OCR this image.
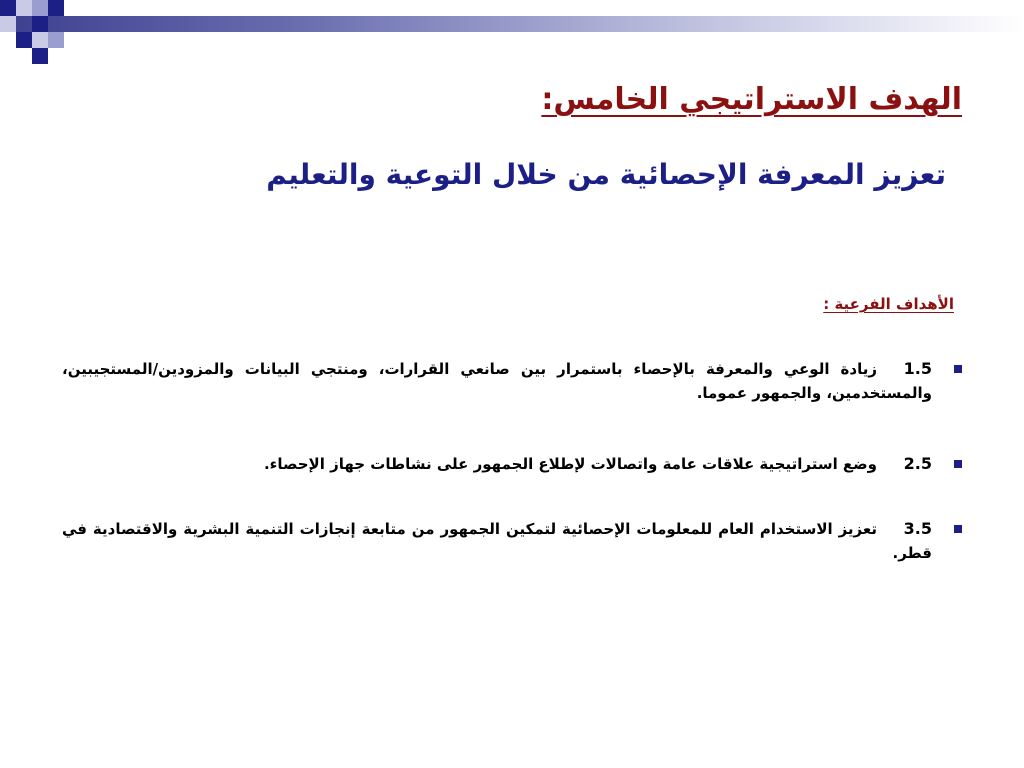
الهدف الاستراتيجي الخامس:
تعزيز المعرفة الإحصائية من خلال التوعية والتعليم
الأهداف الفرعية :
1.5زيادة الوعي والمعرفة بالإحصاء باستمرار بين صانعي القرارات، ومنتجي البيانات والمزودين/المستجيبين، والمستخدمين، والجمهور عموما.
2.5وضع استراتيجية علاقات عامة واتصالات لإطلاع الجمهور على نشاطات جهاز الإحصاء.
3.5تعزيز الاستخدام العام للمعلومات الإحصائية لتمكين الجمهور من متابعة إنجازات التنمية البشرية والاقتصادية في قطر.
